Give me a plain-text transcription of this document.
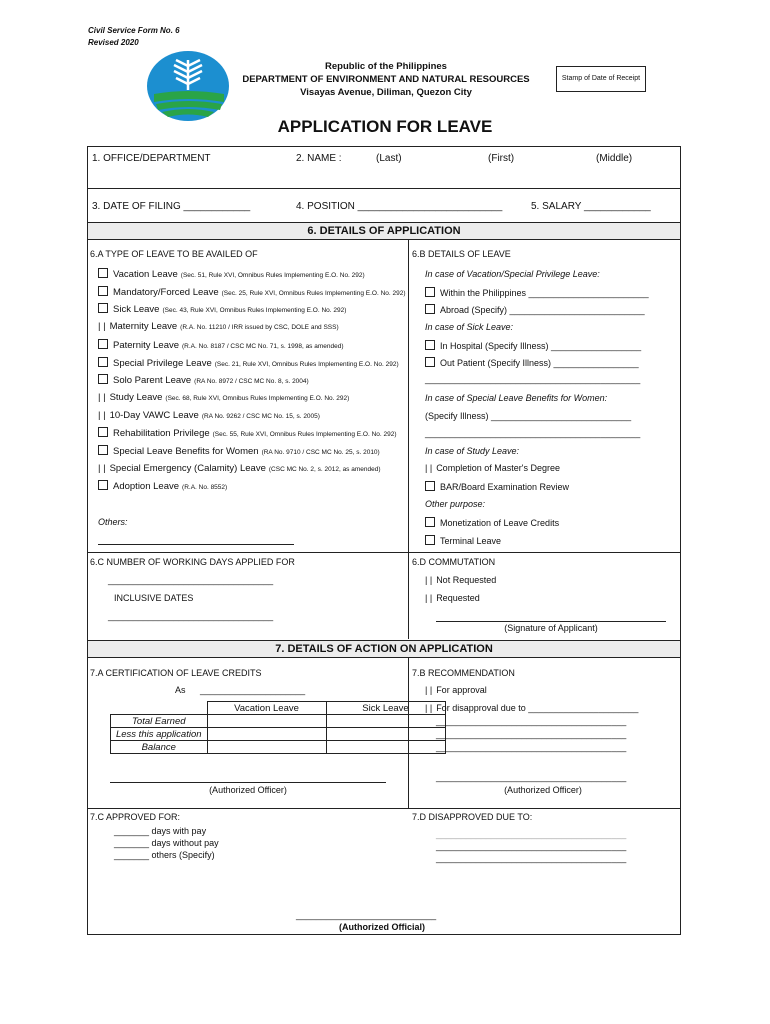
Civil Service Form No. 6
Revised 2020
Republic of the Philippines
DEPARTMENT OF ENVIRONMENT AND NATURAL RESOURCES
Visayas Avenue, Diliman, Quezon City
Stamp of Date of Receipt
APPLICATION FOR LEAVE
1. OFFICE/DEPARTMENT	2. NAME :	(Last)	(First)	(Middle)
3. DATE OF FILING ____________	4. POSITION __________________________	5. SALARY ____________
6. DETAILS OF APPLICATION
6.A TYPE OF LEAVE TO BE AVAILED OF	6.B DETAILS OF LEAVE
Vacation Leave (Sec. 51, Rule XVI, Omnibus Rules Implementing E.O. No. 292)
Mandatory/Forced Leave (Sec. 25, Rule XVI, Omnibus Rules Implementing E.O. No. 292)
Sick Leave (Sec. 43, Rule XVI, Omnibus Rules Implementing E.O. No. 292)
| | Maternity Leave (R.A. No. 11210 / IRR issued by CSC, DOLE and SSS)
Paternity Leave (R.A. No. 8187 / CSC MC No. 71, s. 1998, as amended)
Special Privilege Leave (Sec. 21, Rule XVI, Omnibus Rules Implementing E.O. No. 292)
Solo Parent Leave (RA No. 8972 / CSC MC No. 8, s. 2004)
| | Study Leave (Sec. 68, Rule XVI, Omnibus Rules Implementing E.O. No. 292)
| | 10-Day VAWC Leave (RA No. 9262 / CSC MC No. 15, s. 2005)
Rehabilitation Privilege (Sec. 55, Rule XVI, Omnibus Rules Implementing E.O. No. 292)
Special Leave Benefits for Women (RA No. 9710 / CSC MC No. 25, s. 2010)
| | Special Emergency (Calamity) Leave (CSC MC No. 2, s. 2012, as amended)
Adoption Leave (R.A. No. 8552)
Others:
In case of Vacation/Special Privilege Leave:
Within the Philippines ________________________
Abroad (Specify) ___________________________
In case of Sick Leave:
In Hospital (Specify Illness) __________________
Out Patient (Specify Illness) _________________
___________________________________________
In case of Special Leave Benefits for Women:
(Specify Illness) ____________________________
___________________________________________
In case of Study Leave:
| | Completion of Master's Degree
BAR/Board Examination Review
Other purpose:
Monetization of Leave Credits
Terminal Leave
6.C NUMBER OF WORKING DAYS APPLIED FOR
_________________________________
INCLUSIVE DATES
_________________________________
6.D COMMUTATION
| | Not Requested
| | Requested
(Signature of Applicant)
7. DETAILS OF ACTION ON APPLICATION
7.A CERTIFICATION OF LEAVE CREDITS
As _____________________
	Vacation Leave	Sick Leave
Total Earned		
Less this application		
Balance		
(Authorized Officer)
7.B RECOMMENDATION
| | For approval
| | For disapproval due to ______________________
______________________________________
______________________________________
______________________________________
______________________________________
(Authorized Officer)
7.C APPROVED FOR:
_______ days with pay
_______ days without pay
_______ others (Specify)
7.D DISAPPROVED DUE TO:
______________________________________
______________________________________
______________________________________
____________________________
(Authorized Official)
